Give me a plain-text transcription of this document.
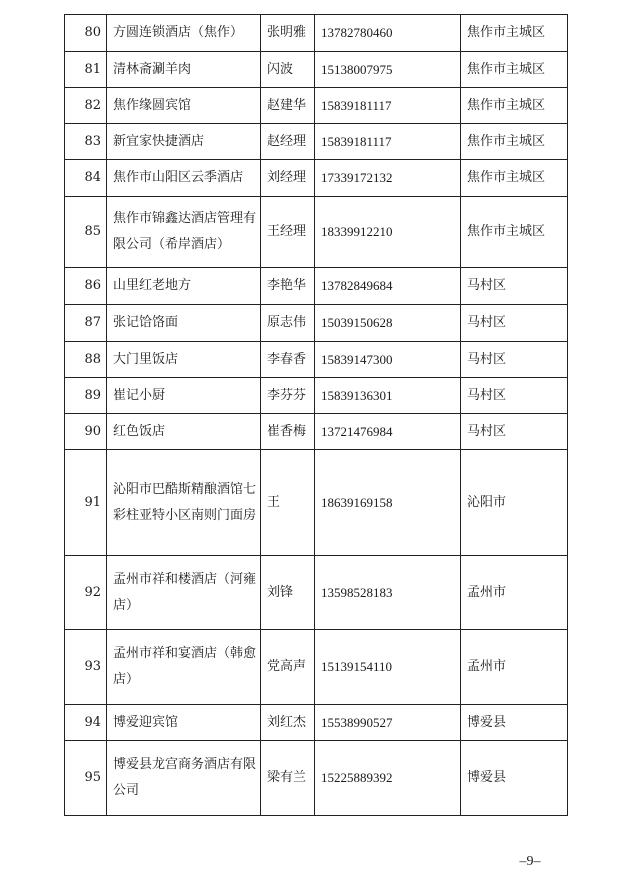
80	方圆连锁酒店（焦作）	张明雅	13782780460	焦作市主城区
81	清林斋涮羊肉	闪波	15138007975	焦作市主城区
82	焦作缘圆宾馆	赵建华	15839181117	焦作市主城区
83	新宜家快捷酒店	赵经理	15839181117	焦作市主城区
84	焦作市山阳区云季酒店	刘经理	17339172132	焦作市主城区
85	焦作市锦鑫达酒店管理有限公司（希岸酒店）	王经理	18339912210	焦作市主城区
86	山里红老地方	李艳华	13782849684	马村区
87	张记饸饹面	原志伟	15039150628	马村区
88	大门里饭店	李春香	15839147300	马村区
89	崔记小厨	李芬芬	15839136301	马村区
90	红色饭店	崔香梅	13721476984	马村区
91	沁阳市巴酷斯精酿酒馆七彩柱亚特小区南则门面房	王	18639169158	沁阳市
92	孟州市祥和楼酒店（河雍店）	刘锋	13598528183	孟州市
93	孟州市祥和宴酒店（韩愈店）	党高声	15139154110	孟州市
94	博爱迎宾馆	刘红杰	15538990527	博爱县
95	博爱县龙宫商务酒店有限公司	梁有兰	15225889392	博爱县
–9–
